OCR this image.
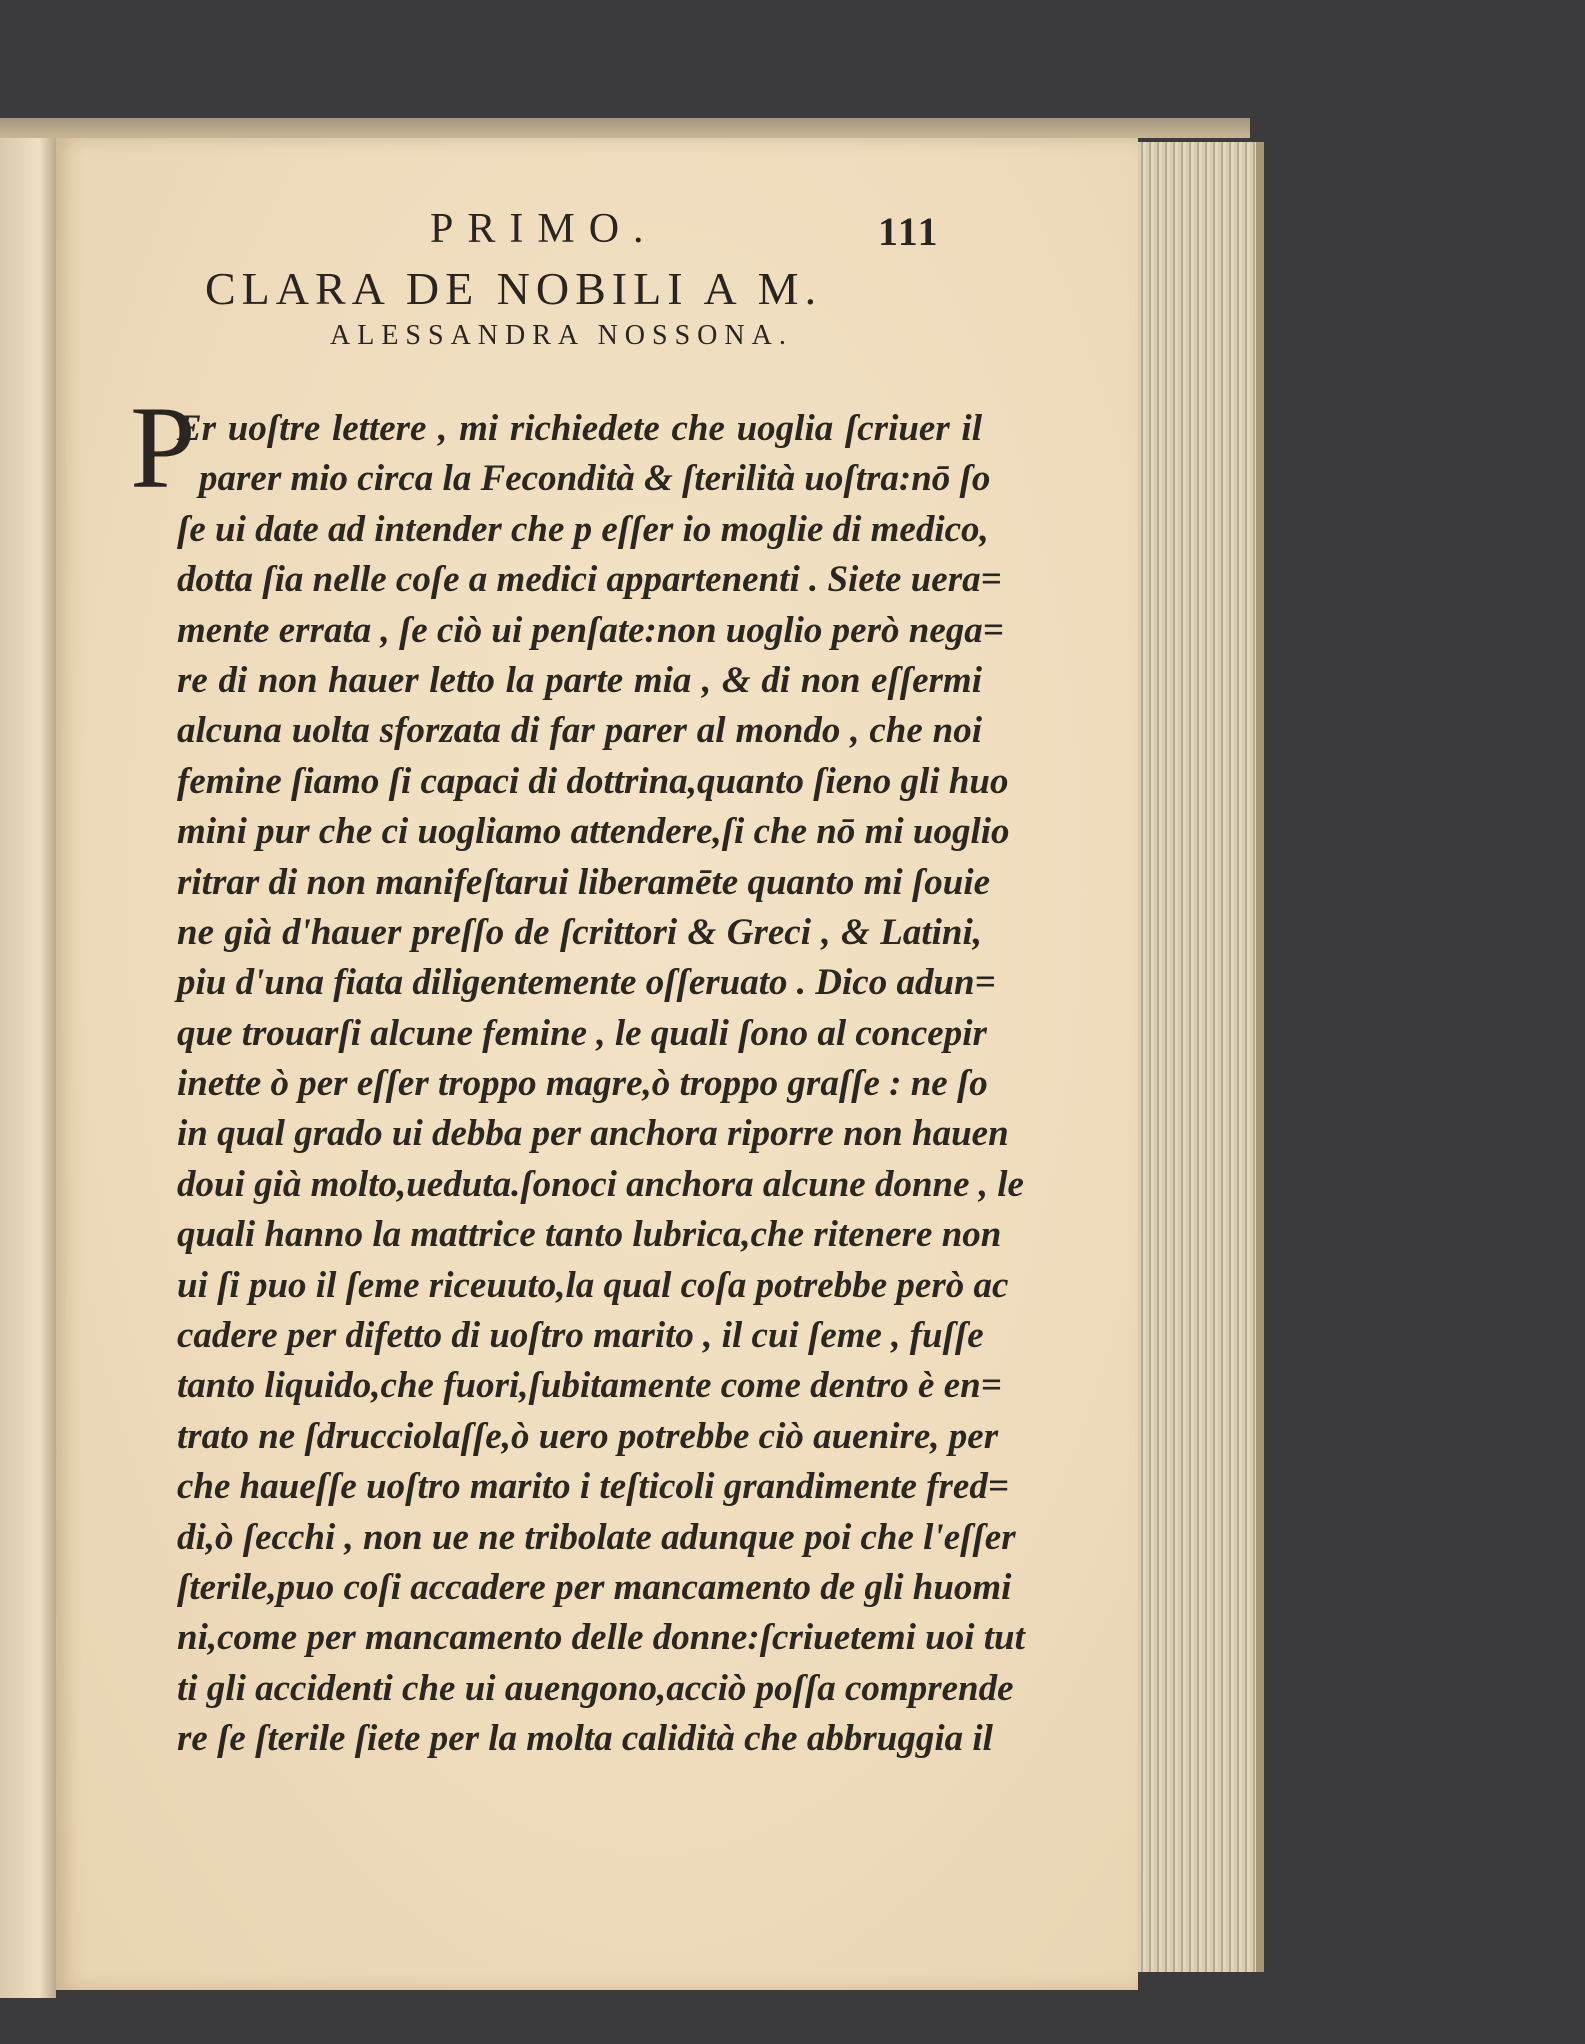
PRIMO.	111
CLARA DE NOBILI A M.
ALESSANDRA NOSSONA.
P
Er uoſtre lettere , mi richiedete che uoglia ſcriuer il
parer mio circa la Fecondità & ſterilità uoſtra:nō ſo
ſe ui date ad intender che p eſſer io moglie di medico,
dotta ſia nelle coſe a medici appartenenti . Siete uera=
mente errata , ſe ciò ui penſate:non uoglio però nega=
re di non hauer letto la parte mia , & di non eſſermi
alcuna uolta sforzata di far parer al mondo , che noi
femine ſiamo ſi capaci di dottrina,quanto ſieno gli huo
mini pur che ci uogliamo attendere,ſi che nō mi uoglio
ritrar di non manifeſtarui liberamēte quanto mi ſouie
ne già d'hauer preſſo de ſcrittori & Greci , & Latini,
piu d'una fiata diligentemente oſſeruato . Dico adun=
que trouarſi alcune femine , le quali ſono al concepir
inette ò per eſſer troppo magre,ò troppo graſſe : ne ſo
in qual grado ui debba per anchora riporre non hauen
doui già molto,ueduta.ſonoci anchora alcune donne , le
quali hanno la mattrice tanto lubrica,che ritenere non
ui ſi puo il ſeme riceuuto,la qual coſa potrebbe però ac
cadere per difetto di uoſtro marito , il cui ſeme , fuſſe
tanto liquido,che fuori,ſubitamente come dentro è en=
trato ne ſdrucciolaſſe,ò uero potrebbe ciò auenire, per
che haueſſe uoſtro marito i teſticoli grandimente fred=
di,ò ſecchi , non ue ne tribolate adunque poi che l'eſſer
ſterile,puo coſi accadere per mancamento de gli huomi
ni,come per mancamento delle donne:ſcriuetemi uoi tut
ti gli accidenti che ui auengono,acciò poſſa comprende
re ſe ſterile ſiete per la molta calidità che abbruggia il
